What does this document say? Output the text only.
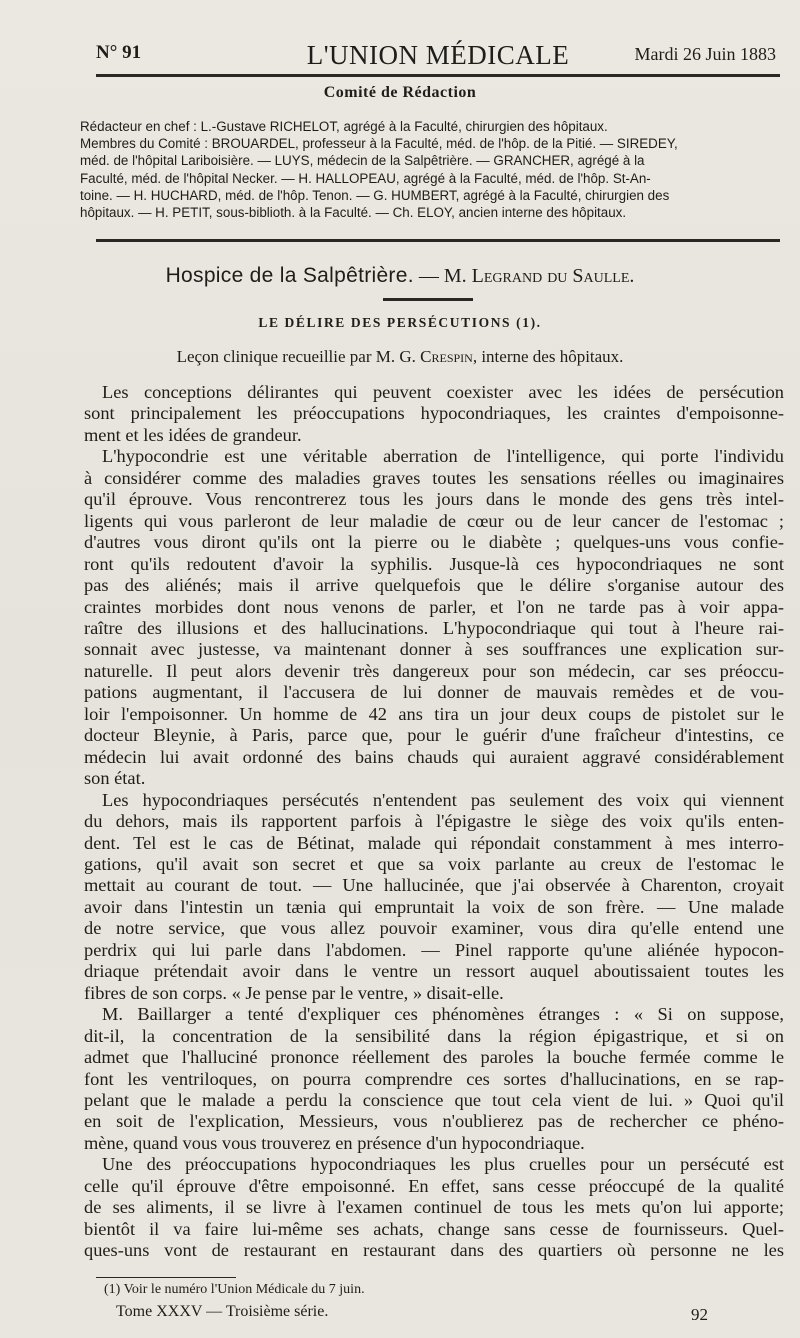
N° 91	L'UNION MÉDICALE	Mardi 26 Juin 1883
Comité de Rédaction
Rédacteur en chef : L.-Gustave RICHELOT, agrégé à la Faculté, chirurgien des hôpitaux.
Membres du Comité : BROUARDEL, professeur à la Faculté, méd. de l'hôp. de la Pitié. — SIREDEY,
méd. de l'hôpital Lariboisière. — LUYS, médecin de la Salpêtrière. — GRANCHER, agrégé à la
Faculté, méd. de l'hôpital Necker. — H. HALLOPEAU, agrégé à la Faculté, méd. de l'hôp. St-An-
toine. — H. HUCHARD, méd. de l'hôp. Tenon. — G. HUMBERT, agrégé à la Faculté, chirurgien des
hôpitaux. — H. PETIT, sous-biblioth. à la Faculté. — Ch. ELOY, ancien interne des hôpitaux.
Hospice de la Salpêtrière. — M. Legrand du Saulle.
LE DÉLIRE DES PERSÉCUTIONS (1).
Leçon clinique recueillie par M. G. Crespin, interne des hôpitaux.
Les conceptions délirantes qui peuvent coexister avec les idées de persécution
sont principalement les préoccupations hypocondriaques, les craintes d'empoisonne-
ment et les idées de grandeur.
L'hypocondrie est une véritable aberration de l'intelligence, qui porte l'individu
à considérer comme des maladies graves toutes les sensations réelles ou imaginaires
qu'il éprouve. Vous rencontrerez tous les jours dans le monde des gens très intel-
ligents qui vous parleront de leur maladie de cœur ou de leur cancer de l'estomac ;
d'autres vous diront qu'ils ont la pierre ou le diabète ; quelques-uns vous confie-
ront qu'ils redoutent d'avoir la syphilis. Jusque-là ces hypocondriaques ne sont
pas des aliénés; mais il arrive quelquefois que le délire s'organise autour des
craintes morbides dont nous venons de parler, et l'on ne tarde pas à voir appa-
raître des illusions et des hallucinations. L'hypocondriaque qui tout à l'heure rai-
sonnait avec justesse, va maintenant donner à ses souffrances une explication sur-
naturelle. Il peut alors devenir très dangereux pour son médecin, car ses préoccu-
pations augmentant, il l'accusera de lui donner de mauvais remèdes et de vou-
loir l'empoisonner. Un homme de 42 ans tira un jour deux coups de pistolet sur le
docteur Bleynie, à Paris, parce que, pour le guérir d'une fraîcheur d'intestins, ce
médecin lui avait ordonné des bains chauds qui auraient aggravé considérablement
son état.
Les hypocondriaques persécutés n'entendent pas seulement des voix qui viennent
du dehors, mais ils rapportent parfois à l'épigastre le siège des voix qu'ils enten-
dent. Tel est le cas de Bétinat, malade qui répondait constamment à mes interro-
gations, qu'il avait son secret et que sa voix parlante au creux de l'estomac le
mettait au courant de tout. — Une hallucinée, que j'ai observée à Charenton, croyait
avoir dans l'intestin un tænia qui empruntait la voix de son frère. — Une malade
de notre service, que vous allez pouvoir examiner, vous dira qu'elle entend une
perdrix qui lui parle dans l'abdomen. — Pinel rapporte qu'une aliénée hypocon-
driaque prétendait avoir dans le ventre un ressort auquel aboutissaient toutes les
fibres de son corps. « Je pense par le ventre, » disait-elle.
M. Baillarger a tenté d'expliquer ces phénomènes étranges : « Si on suppose,
dit-il, la concentration de la sensibilité dans la région épigastrique, et si on
admet que l'halluciné prononce réellement des paroles la bouche fermée comme le
font les ventriloques, on pourra comprendre ces sortes d'hallucinations, en se rap-
pelant que le malade a perdu la conscience que tout cela vient de lui. » Quoi qu'il
en soit de l'explication, Messieurs, vous n'oublierez pas de rechercher ce phéno-
mène, quand vous vous trouverez en présence d'un hypocondriaque.
Une des préoccupations hypocondriaques les plus cruelles pour un persécuté est
celle qu'il éprouve d'être empoisonné. En effet, sans cesse préoccupé de la qualité
de ses aliments, il se livre à l'examen continuel de tous les mets qu'on lui apporte;
bientôt il va faire lui-même ses achats, change sans cesse de fournisseurs. Quel-
ques-uns vont de restaurant en restaurant dans des quartiers où personne ne les
(1) Voir le numéro l'Union Médicale du 7 juin.
Tome XXXV — Troisième série.	92
